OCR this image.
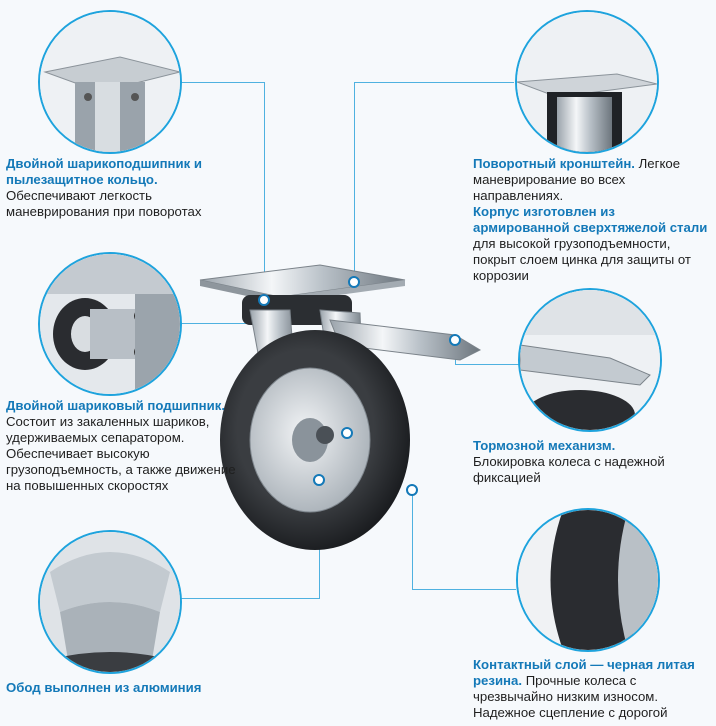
Двойной шарикоподшипник и пылезащитное кольцо.
Обеспечивают легкость маневрирования при поворотах
Двойной шариковый подшипник.
Состоит из закаленных шариков, удерживаемых сепаратором. Обеспечивает высокую грузоподъемность, а также движение на повышенных скоростях
Обод выполнен из алюминия
Поворотный кронштейн. Легкое маневрирование во всех направлениях.
Корпус изготовлен из армированной сверхтяжелой стали для высокой грузоподъемности, покрыт слоем цинка для защиты от коррозии
Тормозной механизм.
Блокировка колеса с надежной фиксацией
Контактный слой — черная литая резина. Прочные колеса с чрезвычайно низким износом. Надежное сцепление с дорогой
